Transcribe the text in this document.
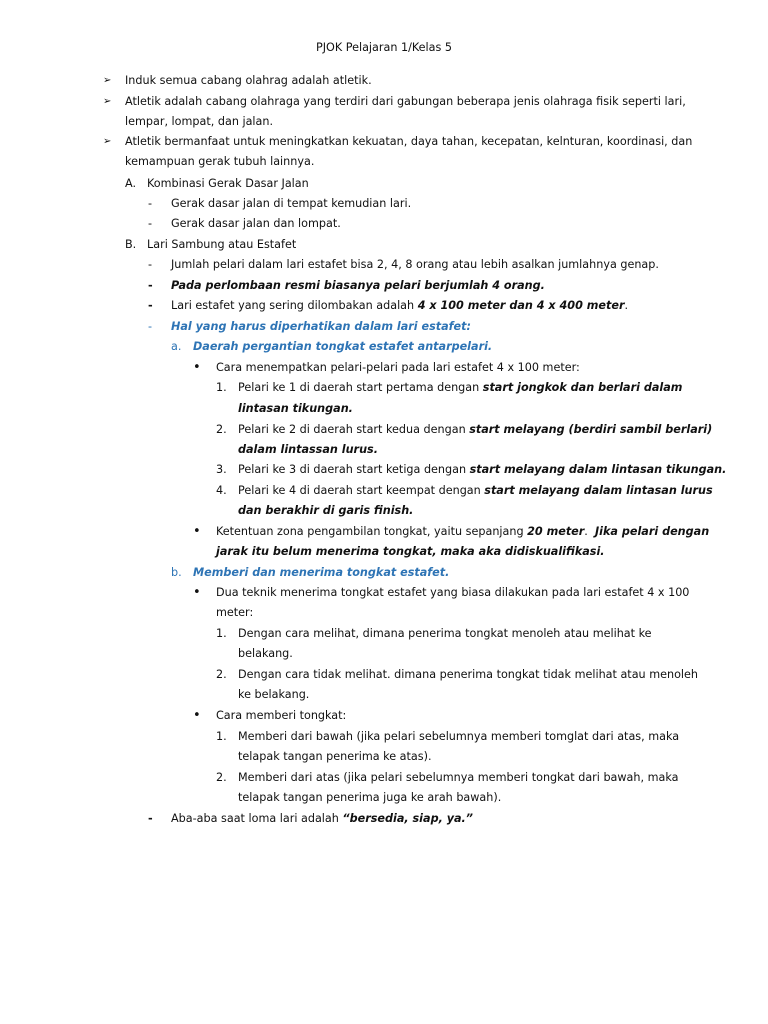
PJOK Pelajaran 1/Kelas 5
➢ Induk semua cabang olahrag adalah atletik.
➢ Atletik adalah cabang olahraga yang terdiri dari gabungan beberapa jenis olahraga fisik seperti lari,
lempar, lompat, dan jalan.
➢ Atletik bermanfaat untuk meningkatkan kekuatan, daya tahan, kecepatan, kelnturan, koordinasi, dan
kemampuan gerak tubuh lainnya.
A. Kombinasi Gerak Dasar Jalan
- Gerak dasar jalan di tempat kemudian lari.
- Gerak dasar jalan dan lompat.
B. Lari Sambung atau Estafet
- Jumlah pelari dalam lari estafet bisa 2, 4, 8 orang atau lebih asalkan jumlahnya genap.
- Pada perlombaan resmi biasanya pelari berjumlah 4 orang.
- Lari estafet yang sering dilombakan adalah 4 x 100 meter dan 4 x 400 meter.
- Hal yang harus diperhatikan dalam lari estafet:
a. Daerah pergantian tongkat estafet antarpelari.
• Cara menempatkan pelari-pelari pada lari estafet 4 x 100 meter:
1. Pelari ke 1 di daerah start pertama dengan start jongkok dan berlari dalam
lintasan tikungan.
2. Pelari ke 2 di daerah start kedua dengan start melayang (berdiri sambil berlari)
dalam lintassan lurus.
3. Pelari ke 3 di daerah start ketiga dengan start melayang dalam lintasan tikungan.
4. Pelari ke 4 di daerah start keempat dengan start melayang dalam lintasan lurus
dan berakhir di garis finish.
• Ketentuan zona pengambilan tongkat, yaitu sepanjang 20 meter.  Jika pelari dengan
jarak itu belum menerima tongkat, maka aka didiskualifikasi.
b. Memberi dan menerima tongkat estafet.
• Dua teknik menerima tongkat estafet yang biasa dilakukan pada lari estafet 4 x 100
meter:
1. Dengan cara melihat, dimana penerima tongkat menoleh atau melihat ke
belakang.
2. Dengan cara tidak melihat. dimana penerima tongkat tidak melihat atau menoleh
ke belakang.
• Cara memberi tongkat:
1. Memberi dari bawah (jika pelari sebelumnya memberi tomglat dari atas, maka
telapak tangan penerima ke atas).
2. Memberi dari atas (jika pelari sebelumnya memberi tongkat dari bawah, maka
telapak tangan penerima juga ke arah bawah).
- Aba-aba saat loma lari adalah “bersedia, siap, ya.”
